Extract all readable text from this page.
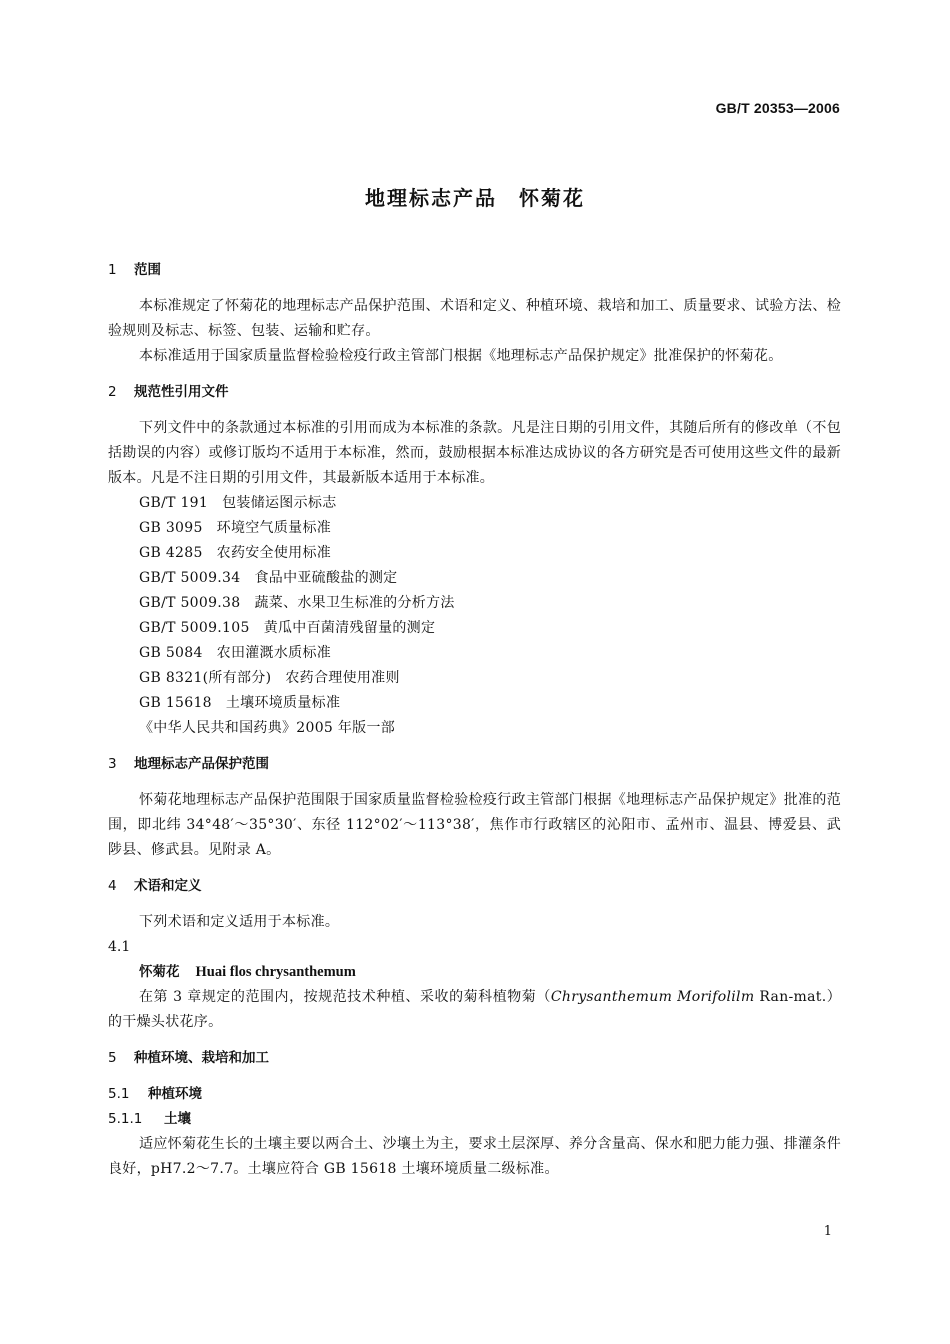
GB/T 20353—2006
地理标志产品　怀菊花
1 范围
本标准规定了怀菊花的地理标志产品保护范围、术语和定义、种植环境、栽培和加工、质量要求、试验方法、检验规则及标志、标签、包装、运输和贮存。
本标准适用于国家质量监督检验检疫行政主管部门根据《地理标志产品保护规定》批准保护的怀菊花。
2 规范性引用文件
下列文件中的条款通过本标准的引用而成为本标准的条款。凡是注日期的引用文件，其随后所有的修改单（不包括勘误的内容）或修订版均不适用于本标准，然而，鼓励根据本标准达成协议的各方研究是否可使用这些文件的最新版本。凡是不注日期的引用文件，其最新版本适用于本标准。
GB/T 191 包装储运图示标志
GB 3095 环境空气质量标准
GB 4285 农药安全使用标准
GB/T 5009.34 食品中亚硫酸盐的测定
GB/T 5009.38 蔬菜、水果卫生标准的分析方法
GB/T 5009.105 黄瓜中百菌清残留量的测定
GB 5084 农田灌溉水质标准
GB 8321(所有部分) 农药合理使用准则
GB 15618 土壤环境质量标准
《中华人民共和国药典》2005 年版一部
3 地理标志产品保护范围
怀菊花地理标志产品保护范围限于国家质量监督检验检疫行政主管部门根据《地理标志产品保护规定》批准的范围，即北纬 34°48′～35°30′、东径 112°02′～113°38′，焦作市行政辖区的沁阳市、孟州市、温县、博爱县、武陟县、修武县。见附录 A。
4 术语和定义
下列术语和定义适用于本标准。
4.1
怀菊花 Huai flos chrysanthemum
在第 3 章规定的范围内，按规范技术种植、采收的菊科植物菊（Chrysanthemum Morifolilm Ran-mat.）的干燥头状花序。
5 种植环境、栽培和加工
5.1 种植环境
5.1.1 土壤
适应怀菊花生长的土壤主要以两合土、沙壤土为主，要求土层深厚、养分含量高、保水和肥力能力强、排灌条件良好，pH7.2～7.7。土壤应符合 GB 15618 土壤环境质量二级标准。
1
